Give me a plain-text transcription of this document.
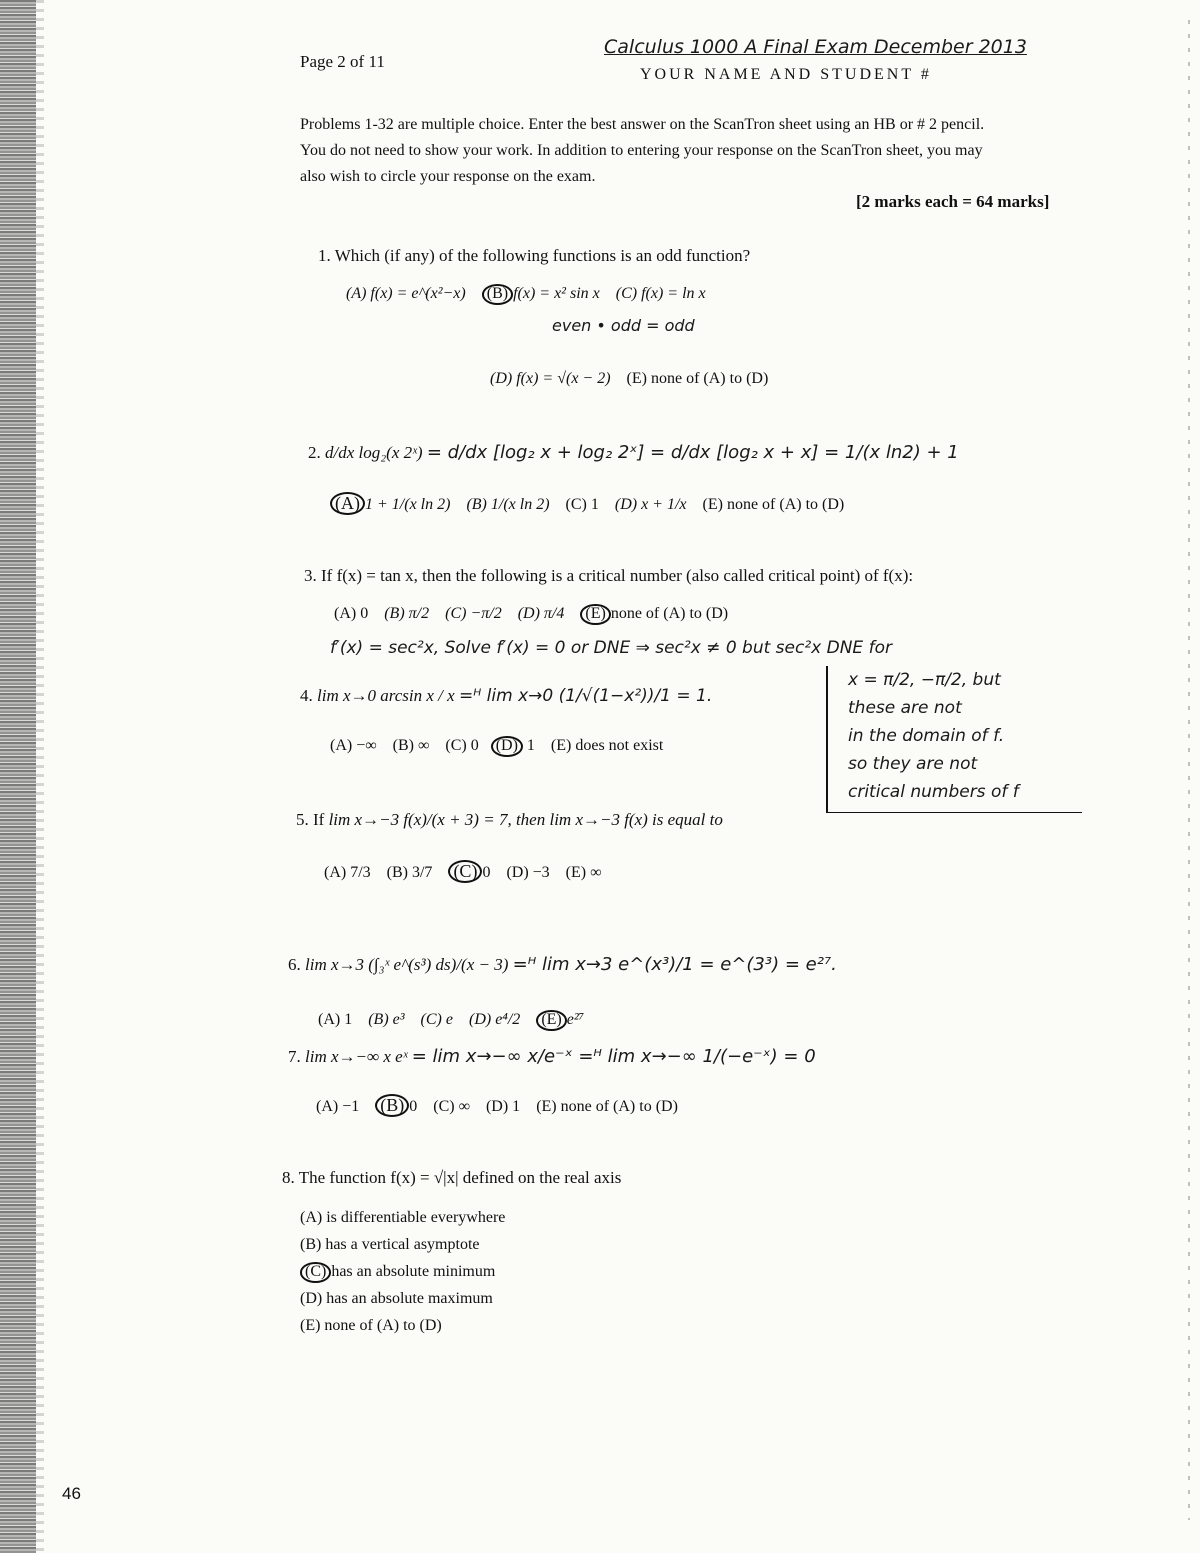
Page 2 of 11
Calculus 1000 A Final Exam December 2013
YOUR NAME AND STUDENT #

Problems 1-32 are multiple choice. Enter the best answer on the ScanTron sheet using an HB or # 2 pencil.

You do not need to show your work. In addition to entering your response on the ScanTron sheet, you may

also wish to circle your response on the exam.

[2 marks each = 64 marks]
1. Which (if any) of the following functions is an odd function?
(A) f(x) = e^(x²−x) (B) f(x) = x² sin x (C) f(x) = ln x
even • odd = odd
(D) f(x) = √(x − 2) (E) none of (A) to (D)
2. d/dx log₂(x 2ˣ) = d/dx [log₂ x + log₂ 2ˣ] = d/dx [log₂ x + x] = 1/(x ln2) + 1
(A) 1 + 1/(x ln 2) (B) 1/(x ln 2) (C) 1 (D) x + 1/x (E) none of (A) to (D)
3. If f(x) = tan x, then the following is a critical number (also called critical point) of f(x):
(A) 0 (B) π/2 (C) −π/2 (D) π/4 (E) none of (A) to (D)
f′(x) = sec²x, Solve f′(x) = 0 or DNE ⇒ sec²x ≠ 0 but sec²x DNE for
x = π/2, −π/2, but
these are not
in the domain of f.
so they are not
critical numbers of f
4. lim x→0 arcsin x / x =ᴴ lim x→0 (1/√(1−x²))/1 = 1.
(A) −∞ (B) ∞ (C) 0 (D) 1 (E) does not exist
5. If lim x→−3 f(x)/(x + 3) = 7, then lim x→−3 f(x) is equal to
(A) 7/3 (B) 3/7 (C) 0 (D) −3 (E) ∞
6. lim x→3 (∫₃ˣ e^(s³) ds)/(x − 3) =ᴴ lim x→3 e^(x³)/1 = e^(3³) = e²⁷.
(A) 1 (B) e³ (C) e (D) e⁴/2 (E) e²⁷
7. lim x→−∞ x eˣ = lim x→−∞ x/e⁻ˣ =ᴴ lim x→−∞ 1/(−e⁻ˣ) = 0
(A) −1 (B) 0 (C) ∞ (D) 1 (E) none of (A) to (D)
8. The function f(x) = √|x| defined on the real axis
(A) is differentiable everywhere
(B) has a vertical asymptote
(C) has an absolute minimum
(D) has an absolute maximum
(E) none of (A) to (D)
46
